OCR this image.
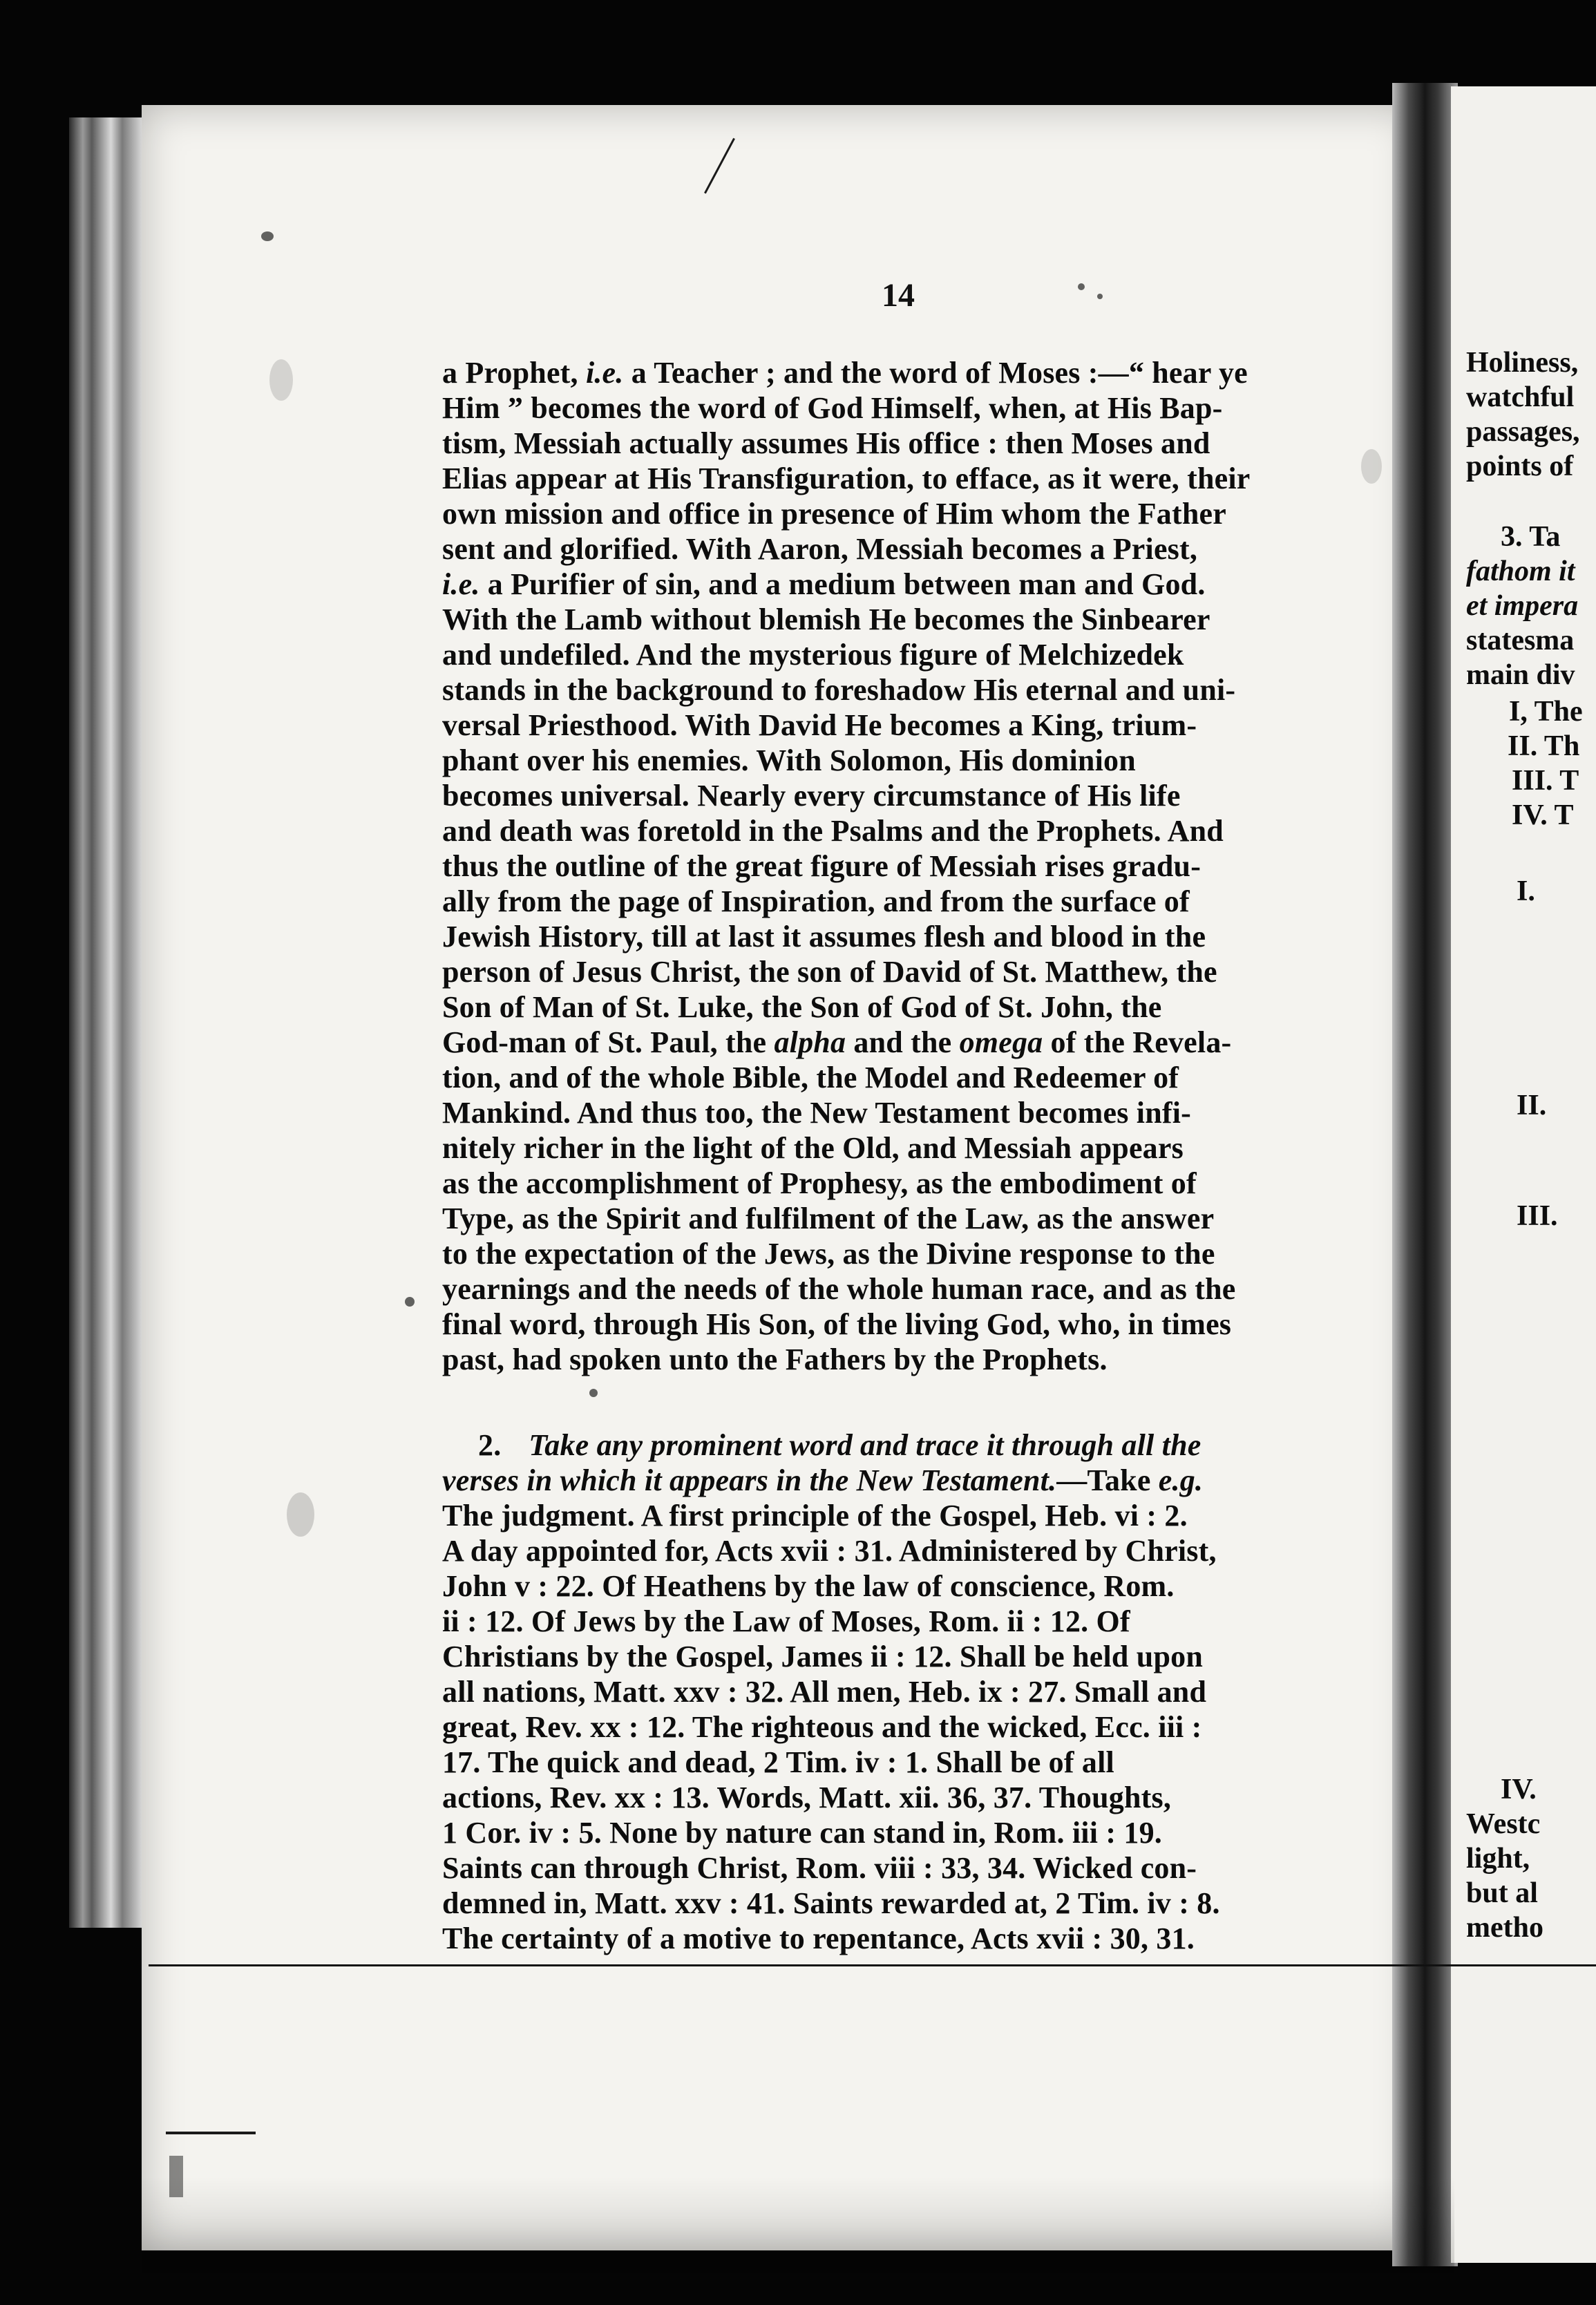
14
a Prophet, i.e. a Teacher ; and the word of Moses :—“ hear ye
Him ” becomes the word of God Himself, when, at His Bap-
tism, Messiah actually assumes His office : then Moses and
Elias appear at His Transfiguration, to efface, as it were, their
own mission and office in presence of Him whom the Father
sent and glorified. With Aaron, Messiah becomes a Priest,
i.e. a Purifier of sin, and a medium between man and God.
With the Lamb without blemish He becomes the Sinbearer
and undefiled. And the mysterious figure of Melchizedek
stands in the background to foreshadow His eternal and uni-
versal Priesthood. With David He becomes a King, trium-
phant over his enemies. With Solomon, His dominion
becomes universal. Nearly every circumstance of His life
and death was foretold in the Psalms and the Prophets. And
thus the outline of the great figure of Messiah rises gradu-
ally from the page of Inspiration, and from the surface of
Jewish History, till at last it assumes flesh and blood in the
person of Jesus Christ, the son of David of St. Matthew, the
Son of Man of St. Luke, the Son of God of St. John, the
God-man of St. Paul, the alpha and the omega of the Revela-
tion, and of the whole Bible, the Model and Redeemer of
Mankind. And thus too, the New Testament becomes infi-
nitely richer in the light of the Old, and Messiah appears
as the accomplishment of Prophesy, as the embodiment of
Type, as the Spirit and fulfilment of the Law, as the answer
to the expectation of the Jews, as the Divine response to the
yearnings and the needs of the whole human race, and as the
final word, through His Son, of the living God, who, in times
past, had spoken unto the Fathers by the Prophets.
2. Take any prominent word and trace it through all the
verses in which it appears in the New Testament.—Take e.g.
The judgment. A first principle of the Gospel, Heb. vi : 2.
A day appointed for, Acts xvii : 31. Administered by Christ,
John v : 22. Of Heathens by the law of conscience, Rom.
ii : 12. Of Jews by the Law of Moses, Rom. ii : 12. Of
Christians by the Gospel, James ii : 12. Shall be held upon
all nations, Matt. xxv : 32. All men, Heb. ix : 27. Small and
great, Rev. xx : 12. The righteous and the wicked, Ecc. iii :
17. The quick and dead, 2 Tim. iv : 1. Shall be of all
actions, Rev. xx : 13. Words, Matt. xii. 36, 37. Thoughts,
1 Cor. iv : 5. None by nature can stand in, Rom. iii : 19.
Saints can through Christ, Rom. viii : 33, 34. Wicked con-
demned in, Matt. xxv : 41. Saints rewarded at, 2 Tim. iv : 8.
The certainty of a motive to repentance, Acts xvii : 30, 31.
Holiness,
watchful
passages,
points of
3. Ta
fathom it
et impera
statesma
main div
I, The
II. Th
III. T
IV. T
I.
II.
III.
IV.
Westc
light,
but al
metho
